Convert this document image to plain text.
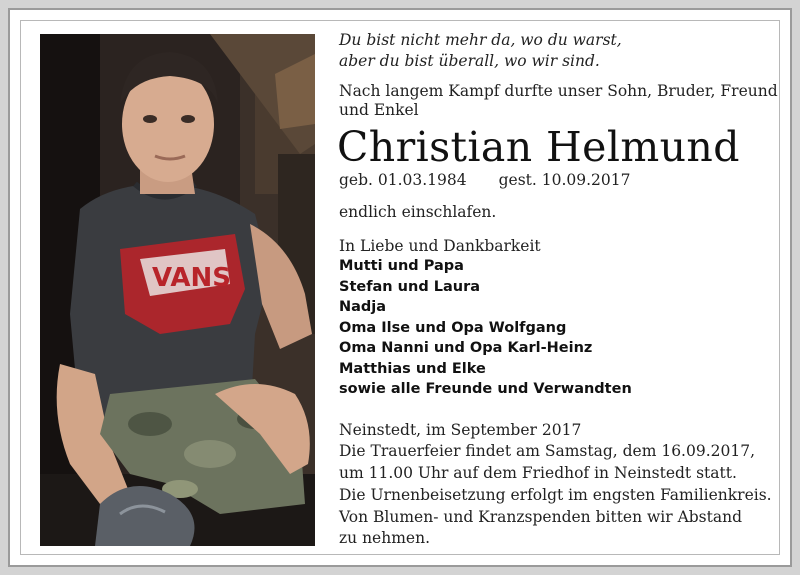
VANS

Du bist nicht mehr da, wo du warst,
aber du bist überall, wo wir sind.

Nach langem Kampf durfte unser Sohn, Bruder, Freund und Enkel

Christian Helmund

geb. 01.03.1984 gest. 10.09.2017

endlich einschlafen.

In Liebe und Dankbarkeit

Mutti und Papa
Stefan und Laura
Nadja
Oma Ilse und Opa Wolfgang
Oma Nanni und Opa Karl-Heinz
Matthias und Elke
sowie alle Freunde und Verwandten

Neinstedt, im September 2017

Die Trauerfeier findet am Samstag, dem 16.09.2017,

um 11.00 Uhr auf dem Friedhof in Neinstedt statt.

Die Urnenbeisetzung erfolgt im engsten Familienkreis.

Von Blumen- und Kranzspenden bitten wir Abstand

zu nehmen.
